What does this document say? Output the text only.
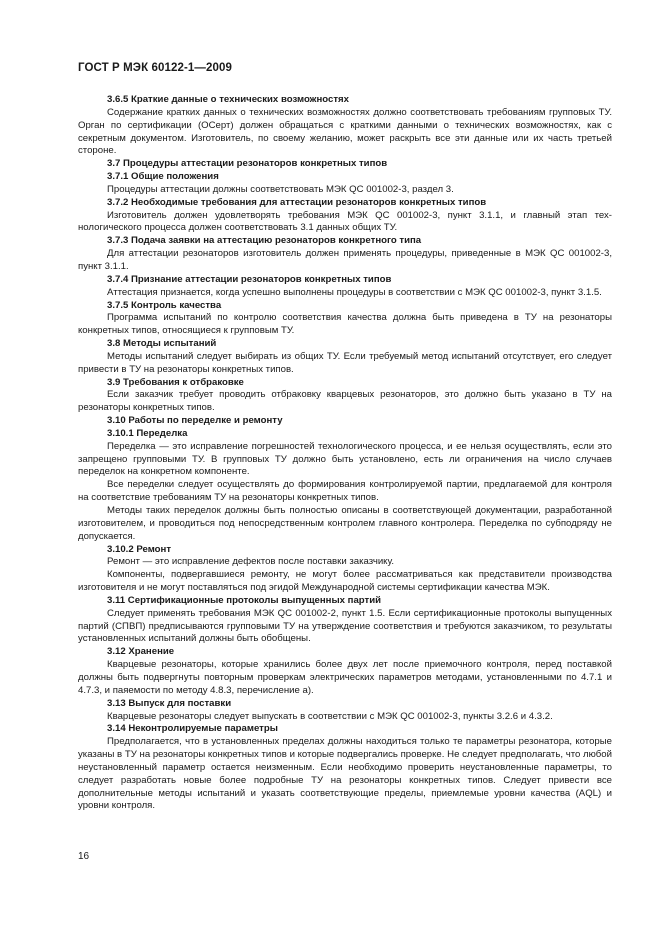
ГОСТ Р МЭК 60122-1—2009

3.6.5 Краткие данные о технических возможностях

Содержание кратких данных о технических возможностях должно соответствовать требованиям групповых ТУ. Орган по сертификации (ОСерт) должен обращаться с краткими данными о технических возможностях, как с секретным документом. Изготовитель, по своему желанию, может раскрыть все эти данные или их часть третьей стороне.

3.7 Процедуры аттестации резонаторов конкретных типов

3.7.1 Общие положения

Процедуры аттестации должны соответствовать МЭК QC 001002-3, раздел 3.

3.7.2 Необходимые требования для аттестации резонаторов конкретных типов

Изготовитель должен удовлетворять требования МЭК QC 001002-3, пункт 3.1.1, и главный этап технологического процесса должен соответствовать 3.1 данных общих ТУ.

3.7.3 Подача заявки на аттестацию резонаторов конкретного типа

Для аттестации резонаторов изготовитель должен применять процедуры, приведенные в МЭК QC 001002-3, пункт 3.1.1.

3.7.4 Признание аттестации резонаторов конкретных типов

Аттестация признается, когда успешно выполнены процедуры в соответствии с МЭК QC 001002-3, пункт 3.1.5.

3.7.5 Контроль качества

Программа испытаний по контролю соответствия качества должна быть приведена в ТУ на резонаторы конкретных типов, относящиеся к групповым ТУ.

3.8 Методы испытаний

Методы испытаний следует выбирать из общих ТУ. Если требуемый метод испытаний отсутствует, его следует привести в ТУ на резонаторы конкретных типов.

3.9 Требования к отбраковке

Если заказчик требует проводить отбраковку кварцевых резонаторов, это должно быть указано в ТУ на резонаторы конкретных типов.

3.10 Работы по переделке и ремонту

3.10.1 Переделка

Переделка — это исправление погрешностей технологического процесса, и ее нельзя осуществлять, если это запрещено групповыми ТУ. В групповых ТУ должно быть установлено, есть ли ограничения на число случаев переделок на конкретном компоненте.

Все переделки следует осуществлять до формирования контролируемой партии, предлагаемой для контроля на соответствие требованиям ТУ на резонаторы конкретных типов.

Методы таких переделок должны быть полностью описаны в соответствующей документации, разработанной изготовителем, и проводиться под непосредственным контролем главного контролера. Переделка по субподряду не допускается.

3.10.2 Ремонт

Ремонт — это исправление дефектов после поставки заказчику.

Компоненты, подвергавшиеся ремонту, не могут более рассматриваться как представители производства изготовителя и не могут поставляться под эгидой Международной системы сертификации качества МЭК.

3.11 Сертификационные протоколы выпущенных партий

Следует применять требования МЭК QC 001002-2, пункт 1.5. Если сертификационные протоколы выпущенных партий (СПВП) предписываются групповыми ТУ на утверждение соответствия и требуются заказчиком, то результаты установленных испытаний должны быть обобщены.

3.12 Хранение

Кварцевые резонаторы, которые хранились более двух лет после приемочного контроля, перед поставкой должны быть подвергнуты повторным проверкам электрических параметров методами, установленными по 4.7.1 и 4.7.3, и паяемости по методу 4.8.3, перечисление а).

3.13 Выпуск для поставки

Кварцевые резонаторы следует выпускать в соответствии с МЭК QC 001002-3, пункты 3.2.6 и 4.3.2.

3.14 Неконтролируемые параметры

Предполагается, что в установленных пределах должны находиться только те параметры резонатора, которые указаны в ТУ на резонаторы конкретных типов и которые подвергались проверке. Не следует предполагать, что любой неустановленный параметр остается неизменным. Если необходимо проверить неустановленные параметры, то следует разработать новые более подробные ТУ на резонаторы конкретных типов. Следует привести все дополнительные методы испытаний и указать соответствующие пределы, приемлемые уровни качества (AQL) и уровни контроля.

16
